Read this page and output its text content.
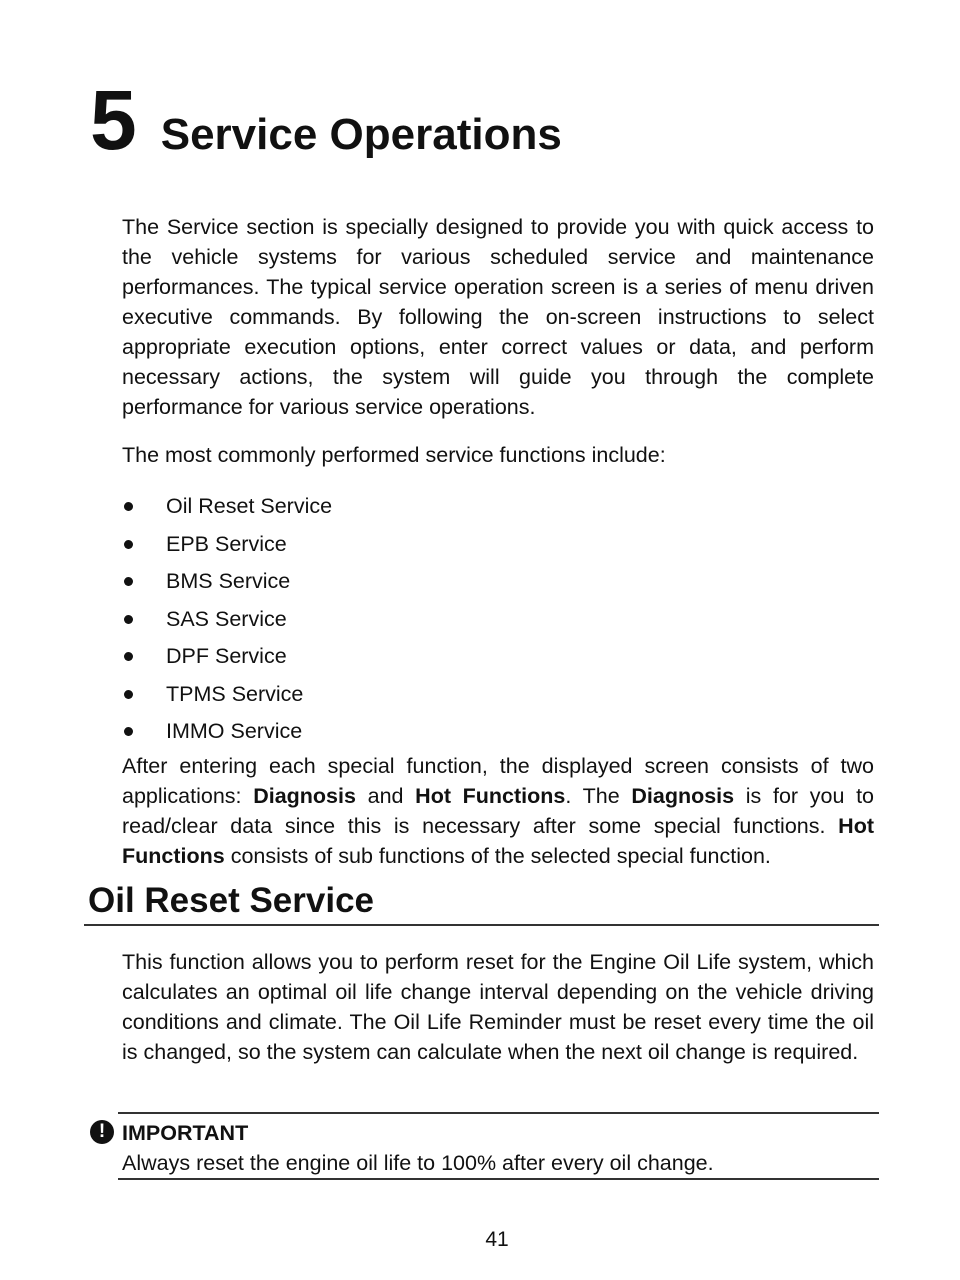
5 Service Operations

The Service section is specially designed to provide you with quick access to the vehicle systems for various scheduled service and maintenance performances. The typical service operation screen is a series of menu driven executive commands. By following the on-screen instructions to select appropriate execution options, enter correct values or data, and perform necessary actions, the system will guide you through the complete performance for various service operations.

The most commonly performed service functions include:

Oil Reset Service
EPB Service
BMS Service
SAS Service
DPF Service
TPMS Service
IMMO Service

After entering each special function, the displayed screen consists of two applications: Diagnosis and Hot Functions. The Diagnosis is for you to read/clear data since this is necessary after some special functions. Hot Functions consists of sub functions of the selected special function.

Oil Reset Service

This function allows you to perform reset for the Engine Oil Life system, which calculates an optimal oil life change interval depending on the vehicle driving conditions and climate. The Oil Life Reminder must be reset every time the oil is changed, so the system can calculate when the next oil change is required.

! IMPORTANT
Always reset the engine oil life to 100% after every oil change.
41
